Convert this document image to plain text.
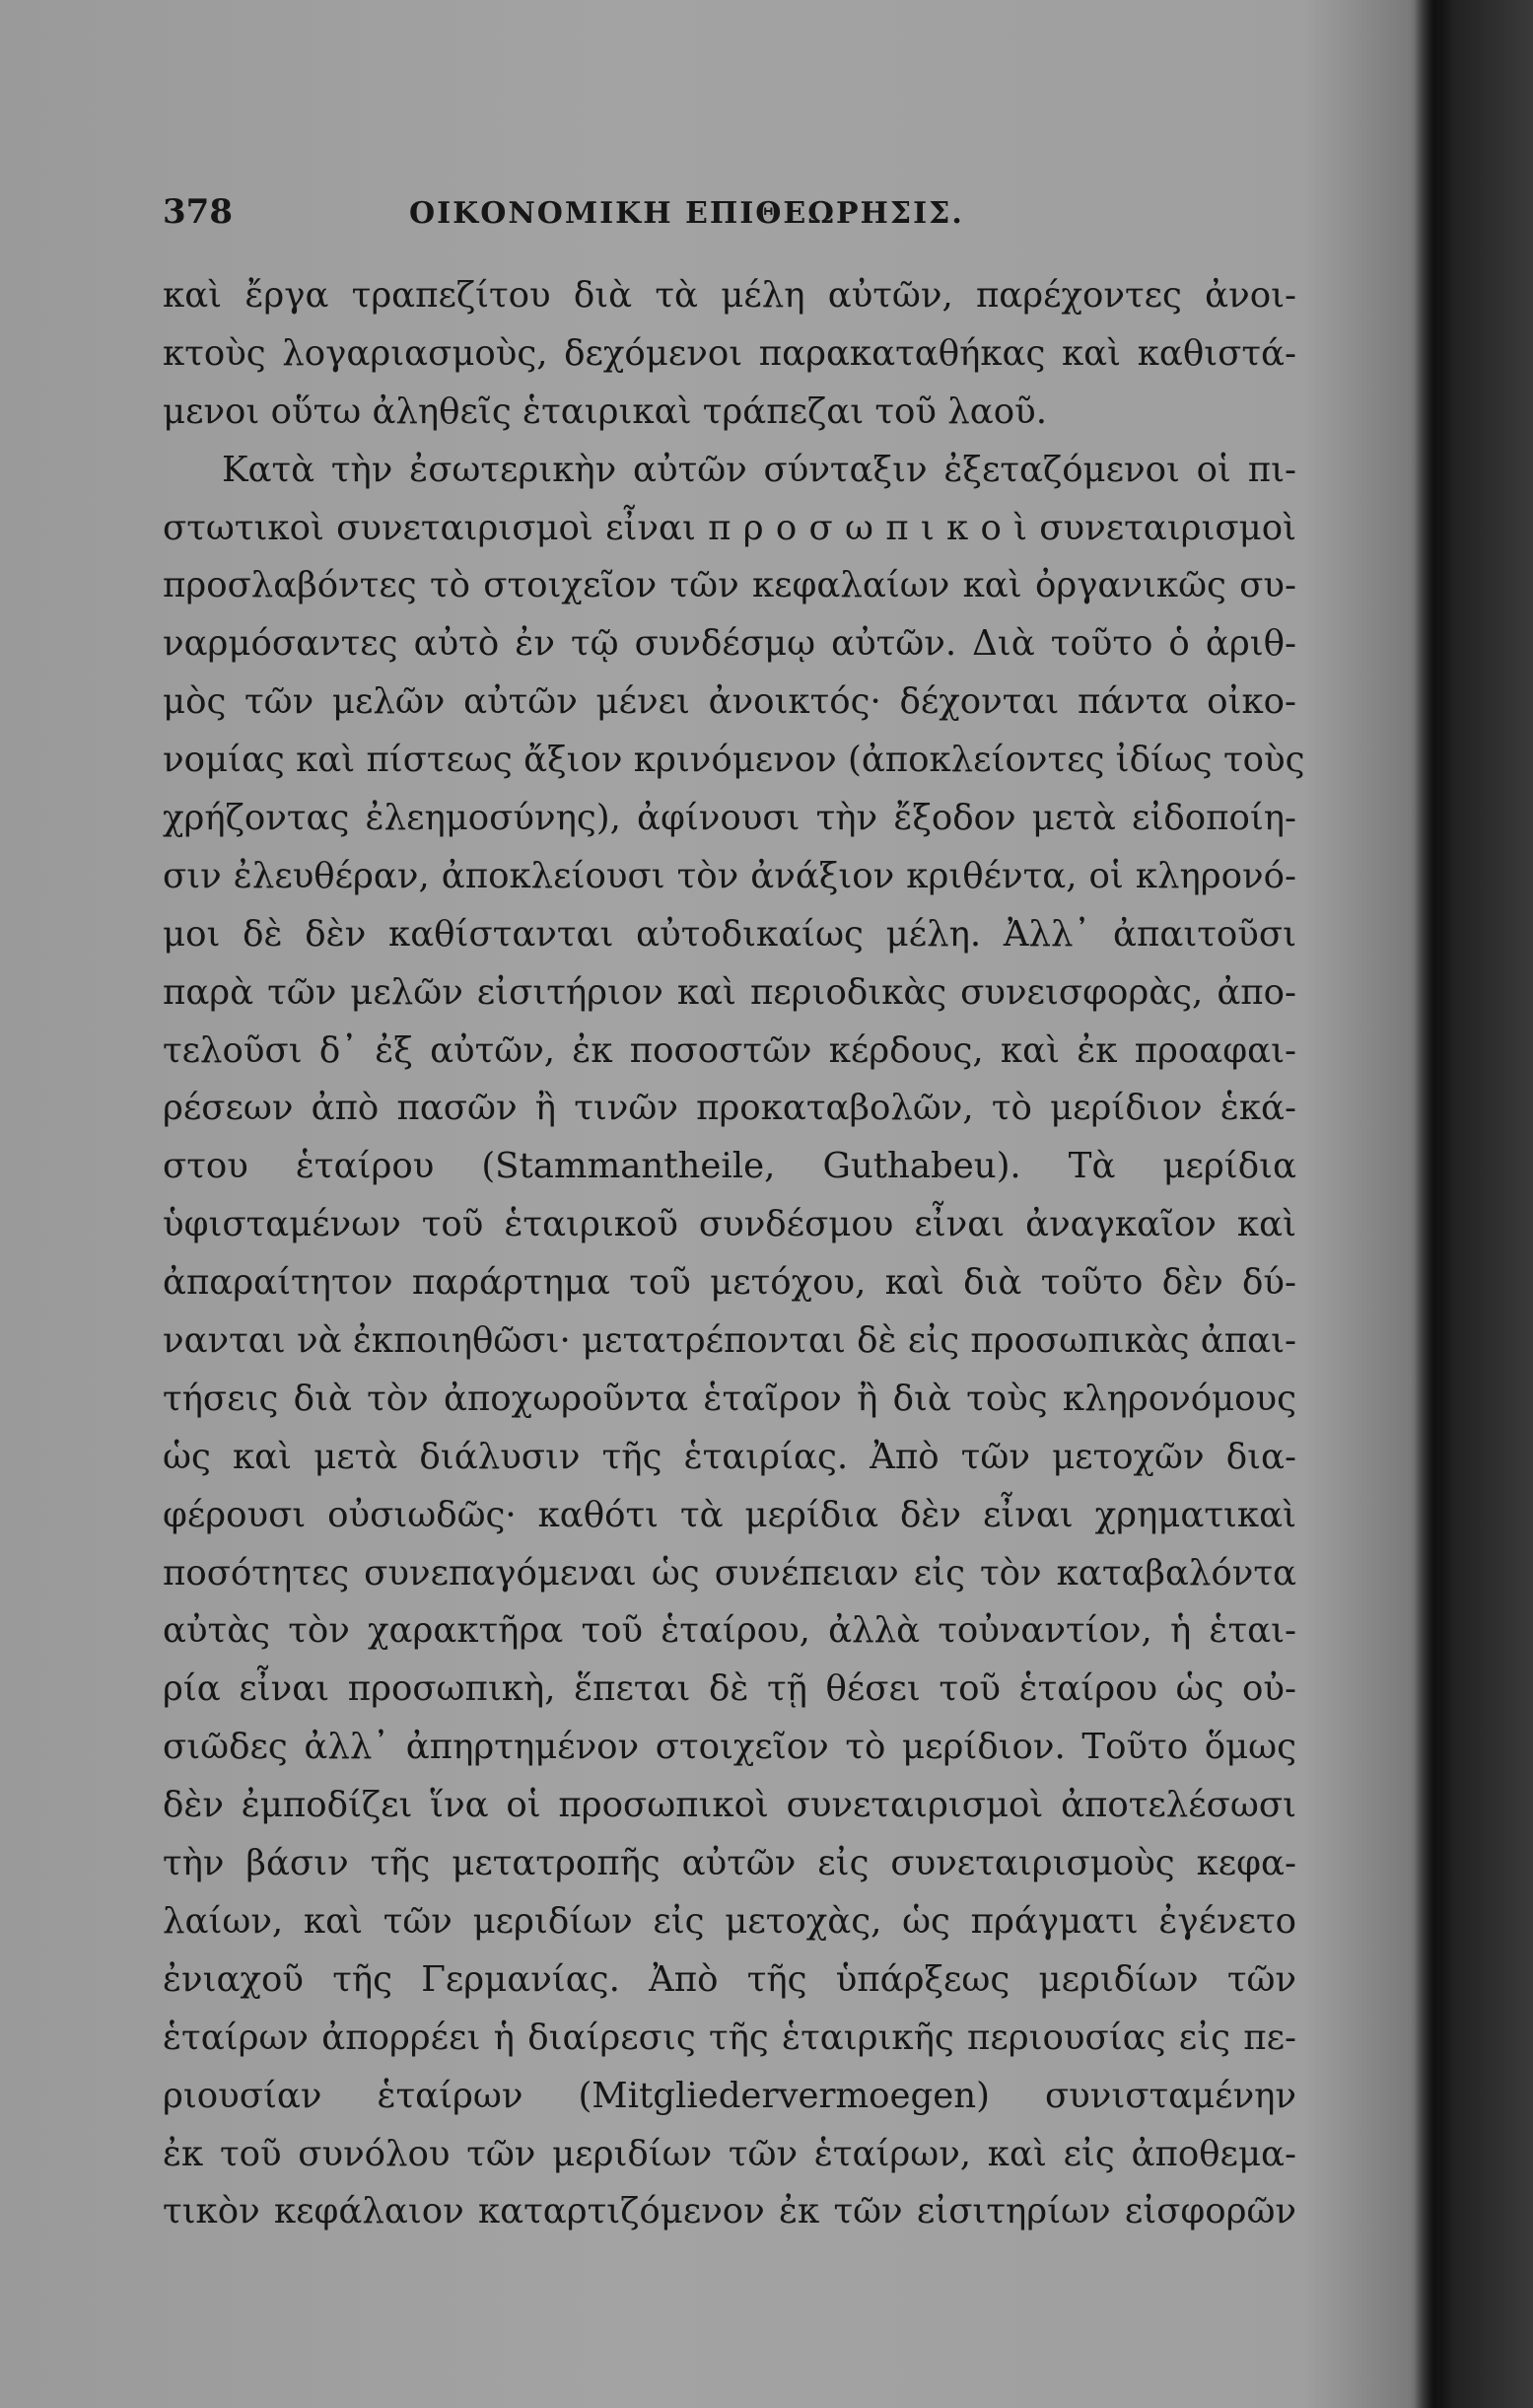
378	ΟΙΚΟΝΟΜΙΚΗ ΕΠΙΘΕΩΡΗΣΙΣ.
καὶ ἔργα τραπεζίτου διὰ τὰ μέλη αὐτῶν, παρέχοντες ἀνοι-
κτοὺς λογαριασμοὺς, δεχόμενοι παρακαταθήκας καὶ καθιστά-
μενοι οὕτω ἀληθεῖς ἑταιρικαὶ τράπεζαι τοῦ λαοῦ.
Κατὰ τὴν ἐσωτερικὴν αὐτῶν σύνταξιν ἐξεταζόμενοι οἱ πι-
στωτικοὶ συνεταιρισμοὶ εἶναι π ρ ο σ ω π ι κ ο ὶ συνεταιρισμοὶ
προσλαβόντες τὸ στοιχεῖον τῶν κεφαλαίων καὶ ὀργανικῶς συ-
ναρμόσαντες αὐτὸ ἐν τῷ συνδέσμῳ αὐτῶν. Διὰ τοῦτο ὁ ἀριθ-
μὸς τῶν μελῶν αὐτῶν μένει ἀνοικτός· δέχονται πάντα οἰκο-
νομίας καὶ πίστεως ἄξιον κρινόμενον (ἀποκλείοντες ἰδίως τοὺς
χρήζοντας ἐλεημοσύνης), ἀφίνουσι τὴν ἔξοδον μετὰ εἰδοποίη-
σιν ἐλευθέραν, ἀποκλείουσι τὸν ἀνάξιον κριθέντα, οἱ κληρονό-
μοι δὲ δὲν καθίστανται αὐτοδικαίως μέλη. Ἀλλ᾽ ἀπαιτοῦσι
παρὰ τῶν μελῶν εἰσιτήριον καὶ περιοδικὰς συνεισφορὰς, ἀπο-
τελοῦσι δ᾽ ἐξ αὐτῶν, ἐκ ποσοστῶν κέρδους, καὶ ἐκ προαφαι-
ρέσεων ἀπὸ πασῶν ἢ τινῶν προκαταβολῶν, τὸ μερίδιον ἑκά-
στου ἑταίρου (Stammantheile, Guthabeu). Τὰ μερίδια
ὑφισταμένων τοῦ ἑταιρικοῦ συνδέσμου εἶναι ἀναγκαῖον καὶ
ἀπαραίτητον παράρτημα τοῦ μετόχου, καὶ διὰ τοῦτο δὲν δύ-
νανται νὰ ἐκποιηθῶσι· μετατρέπονται δὲ εἰς προσωπικὰς ἀπαι-
τήσεις διὰ τὸν ἀποχωροῦντα ἑταῖρον ἢ διὰ τοὺς κληρονόμους
ὡς καὶ μετὰ διάλυσιν τῆς ἑταιρίας. Ἀπὸ τῶν μετοχῶν δια-
φέρουσι οὐσιωδῶς· καθότι τὰ μερίδια δὲν εἶναι χρηματικαὶ
ποσότητες συνεπαγόμεναι ὡς συνέπειαν εἰς τὸν καταβαλόντα
αὐτὰς τὸν χαρακτῆρα τοῦ ἑταίρου, ἀλλὰ τοὐναντίον, ἡ ἑται-
ρία εἶναι προσωπικὴ, ἕπεται δὲ τῇ θέσει τοῦ ἑταίρου ὡς οὐ-
σιῶδες ἀλλ᾽ ἀπηρτημένον στοιχεῖον τὸ μερίδιον. Τοῦτο ὅμως
δὲν ἐμποδίζει ἵνα οἱ προσωπικοὶ συνεταιρισμοὶ ἀποτελέσωσι
τὴν βάσιν τῆς μετατροπῆς αὐτῶν εἰς συνεταιρισμοὺς κεφα-
λαίων, καὶ τῶν μεριδίων εἰς μετοχὰς, ὡς πράγματι ἐγένετο
ἐνιαχοῦ τῆς Γερμανίας. Ἀπὸ τῆς ὑπάρξεως μεριδίων τῶν
ἑταίρων ἀπορρέει ἡ διαίρεσις τῆς ἑταιρικῆς περιουσίας εἰς πε-
ριουσίαν ἑταίρων (Mitgliedervermoegen) συνισταμένην
ἐκ τοῦ συνόλου τῶν μεριδίων τῶν ἑταίρων, καὶ εἰς ἀποθεμα-
τικὸν κεφάλαιον καταρτιζόμενον ἐκ τῶν εἰσιτηρίων εἰσφορῶν
